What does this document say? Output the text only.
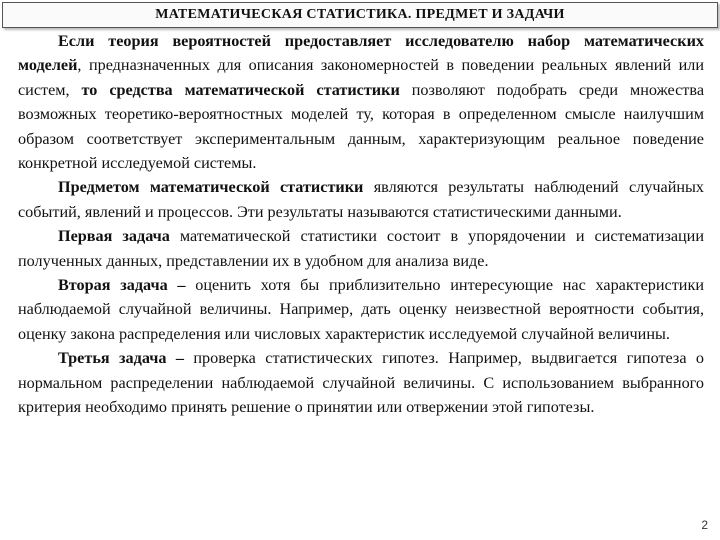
МАТЕМАТИЧЕСКАЯ СТАТИСТИКА. ПРЕДМЕТ И ЗАДАЧИ

Если теория вероятностей предоставляет исследователю набор математических моделей, предназначенных для описания закономерностей в поведении реальных явлений или систем, то средства математической статистики позволяют подобрать среди множества возможных теоретико-вероятностных моделей ту, которая в определенном смысле наилучшим образом соответствует экспериментальным данным, характеризующим реальное поведение конкретной исследуемой системы.

Предметом математической статистики являются результаты наблюдений случайных событий, явлений и процессов. Эти результаты называются статистическими данными.

Первая задача математической статистики состоит в упорядочении и систематизации полученных данных, представлении их в удобном для анализа виде.

Вторая задача – оценить хотя бы приблизительно интересующие нас характеристики наблюдаемой случайной величины. Например, дать оценку неизвестной вероятности события, оценку закона распределения или числовых характеристик исследуемой случайной величины.

Третья задача – проверка статистических гипотез. Например, выдвигается гипотеза о нормальном распределении наблюдаемой случайной величины. С использованием выбранного критерия необходимо принять решение о принятии или отвержении этой гипотезы.

2
